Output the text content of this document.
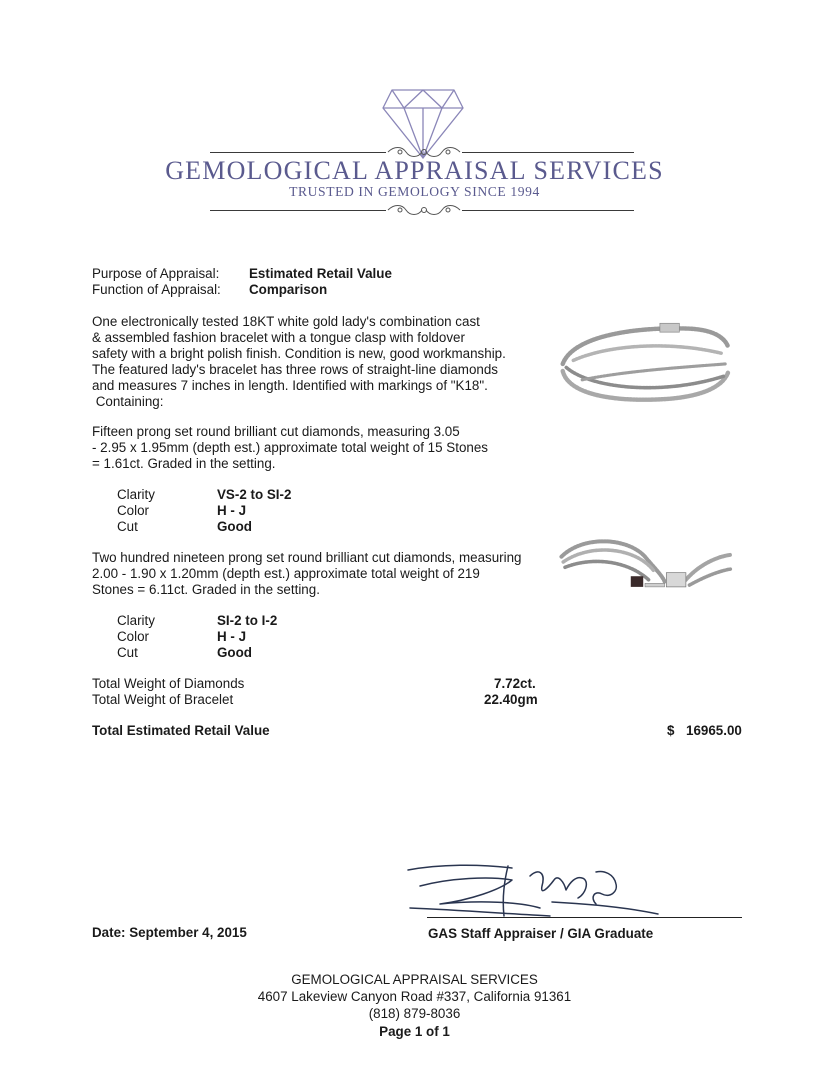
GEMOLOGICAL APPRAISAL SERVICES
TRUSTED IN GEMOLOGY SINCE 1994
Purpose of Appraisal: Estimated Retail Value
Function of Appraisal: Comparison
One electronically tested 18KT white gold lady's combination cast
& assembled fashion bracelet with a tongue clasp with foldover
safety with a bright polish finish. Condition is new, good workmanship.
The featured lady's bracelet has three rows of straight-line diamonds
and measures 7 inches in length. Identified with markings of "K18".
Containing:
Fifteen prong set round brilliant cut diamonds, measuring 3.05
- 2.95 x 1.95mm (depth est.) approximate total weight of 15 Stones
= 1.61ct. Graded in the setting.
Clarity	VS-2 to SI-2
Color	H - J
Cut	Good
Two hundred nineteen prong set round brilliant cut diamonds, measuring
2.00 - 1.90 x 1.20mm (depth est.) approximate total weight of 219
Stones = 6.11ct. Graded in the setting.
Clarity	SI-2 to I-2
Color	H - J
Cut	Good
Total Weight of Diamonds	7.72ct.
Total Weight of Bracelet	22.40gm
Total Estimated Retail Value	$ 16965.00
Date: September 4, 2015	GAS Staff Appraiser / GIA Graduate
GEMOLOGICAL APPRAISAL SERVICES
4607 Lakeview Canyon Road #337, California 91361
(818) 879-8036
Page 1 of 1
